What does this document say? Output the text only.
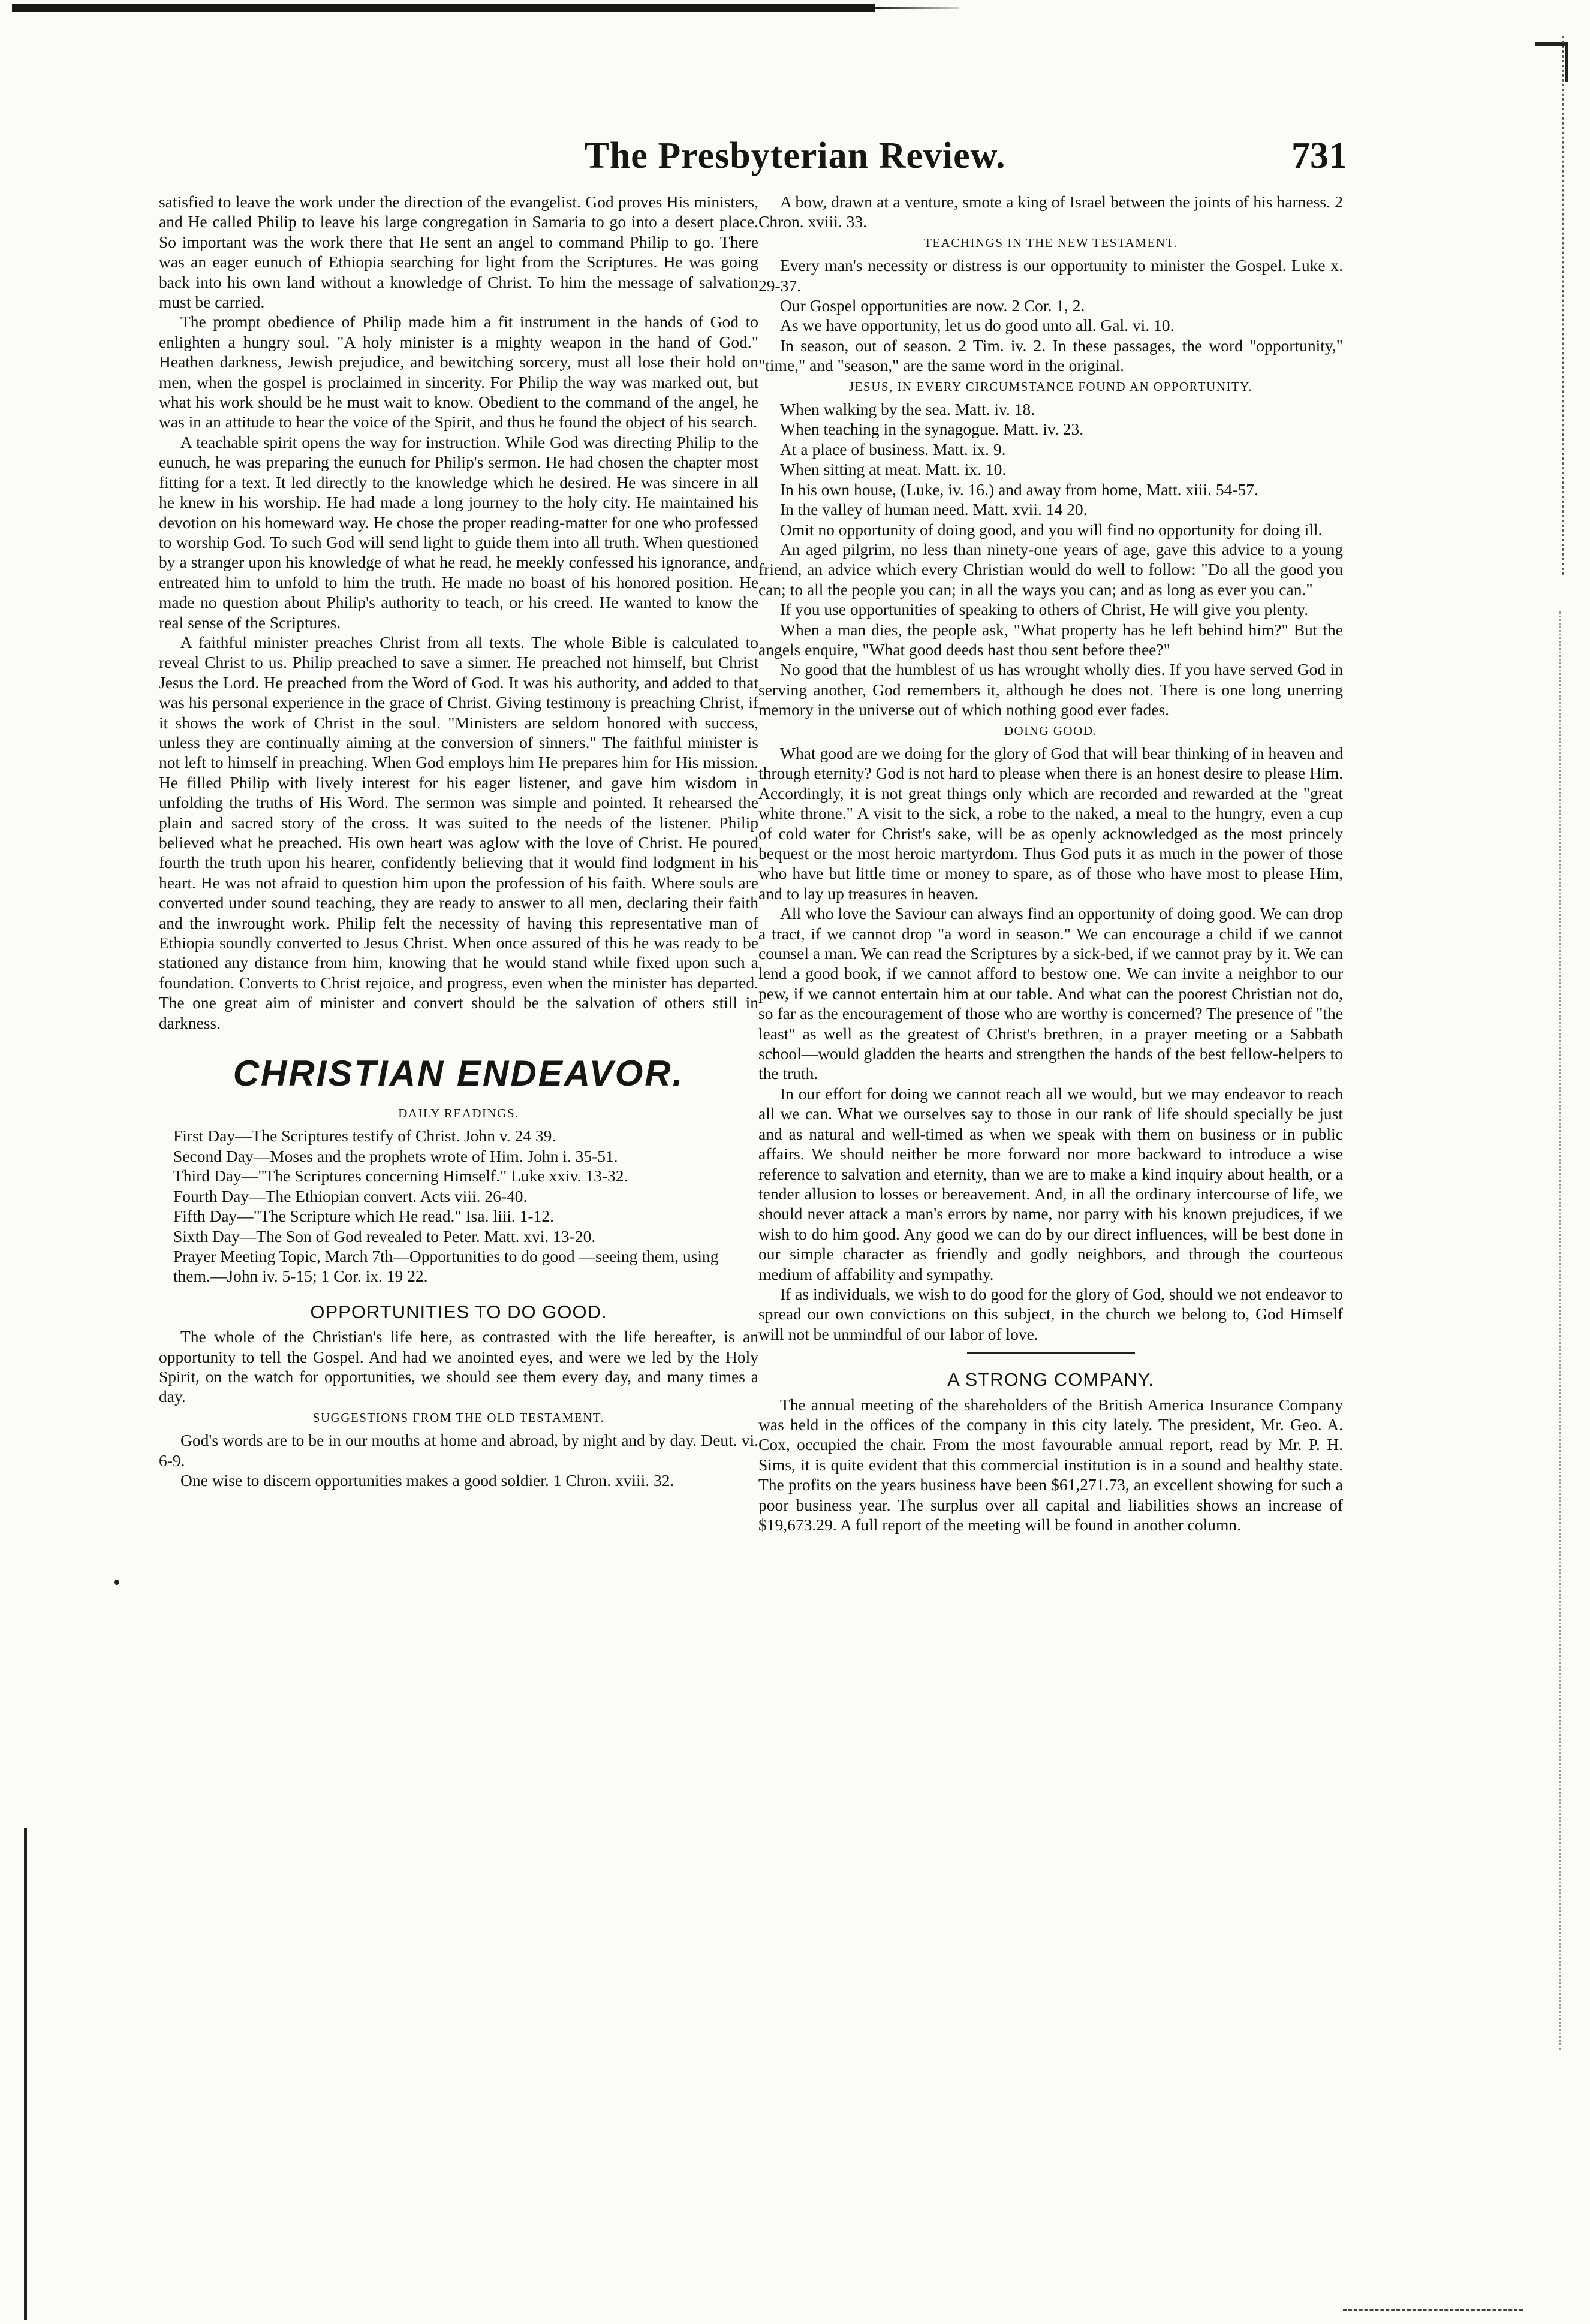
The Presbyterian Review.	731

satisfied to leave the work under the direction of the evangelist. God proves His ministers, and He called Philip to leave his large congregation in Samaria to go into a desert place. So important was the work there that He sent an angel to command Philip to go. There was an eager eunuch of Ethiopia searching for light from the Scriptures. He was going back into his own land without a knowledge of Christ. To him the message of salvation must be carried.

The prompt obedience of Philip made him a fit instrument in the hands of God to enlighten a hungry soul. "A holy minister is a mighty weapon in the hand of God." Heathen darkness, Jewish prejudice, and bewitching sorcery, must all lose their hold on men, when the gospel is proclaimed in sincerity. For Philip the way was marked out, but what his work should be he must wait to know. Obedient to the command of the angel, he was in an attitude to hear the voice of the Spirit, and thus he found the object of his search.

A teachable spirit opens the way for instruction. While God was directing Philip to the eunuch, he was preparing the eunuch for Philip's sermon. He had chosen the chapter most fitting for a text. It led directly to the knowledge which he desired. He was sincere in all he knew in his worship. He had made a long journey to the holy city. He maintained his devotion on his homeward way. He chose the proper reading-matter for one who professed to worship God. To such God will send light to guide them into all truth. When questioned by a stranger upon his knowledge of what he read, he meekly confessed his ignorance, and entreated him to unfold to him the truth. He made no boast of his honored position. He made no question about Philip's authority to teach, or his creed. He wanted to know the real sense of the Scriptures.

A faithful minister preaches Christ from all texts. The whole Bible is calculated to reveal Christ to us. Philip preached to save a sinner. He preached not himself, but Christ Jesus the Lord. He preached from the Word of God. It was his authority, and added to that was his personal experience in the grace of Christ. Giving testimony is preaching Christ, if it shows the work of Christ in the soul. "Ministers are seldom honored with success, unless they are continually aiming at the conversion of sinners." The faithful minister is not left to himself in preaching. When God employs him He prepares him for His mission. He filled Philip with lively interest for his eager listener, and gave him wisdom in unfolding the truths of His Word. The sermon was simple and pointed. It rehearsed the plain and sacred story of the cross. It was suited to the needs of the listener. Philip believed what he preached. His own heart was aglow with the love of Christ. He poured fourth the truth upon his hearer, confidently believing that it would find lodgment in his heart. He was not afraid to question him upon the profession of his faith. Where souls are converted under sound teaching, they are ready to answer to all men, declaring their faith and the inwrought work. Philip felt the necessity of having this representative man of Ethiopia soundly converted to Jesus Christ. When once assured of this he was ready to be stationed any distance from him, knowing that he would stand while fixed upon such a foundation. Converts to Christ rejoice, and progress, even when the minister has departed. The one great aim of minister and convert should be the salvation of others still in darkness.

CHRISTIAN ENDEAVOR.
DAILY READINGS.

First Day—The Scriptures testify of Christ. John v. 24 39.

Second Day—Moses and the prophets wrote of Him. John i. 35-51.

Third Day—"The Scriptures concerning Himself." Luke xxiv. 13-32.

Fourth Day—The Ethiopian convert. Acts viii. 26-40.

Fifth Day—"The Scripture which He read." Isa. liii. 1-12.

Sixth Day—The Son of God revealed to Peter. Matt. xvi. 13-20.

Prayer Meeting Topic, March 7th—Opportunities to do good —seeing them, using them.—John iv. 5-15; 1 Cor. ix. 19 22.

OPPORTUNITIES TO DO GOOD.

The whole of the Christian's life here, as contrasted with the life hereafter, is an opportunity to tell the Gospel. And had we anointed eyes, and were we led by the Holy Spirit, on the watch for opportunities, we should see them every day, and many times a day.

SUGGESTIONS FROM THE OLD TESTAMENT.

God's words are to be in our mouths at home and abroad, by night and by day. Deut. vi. 6-9.

One wise to discern opportunities makes a good soldier. 1 Chron. xviii. 32.

A bow, drawn at a venture, smote a king of Israel between the joints of his harness. 2 Chron. xviii. 33.

TEACHINGS IN THE NEW TESTAMENT.

Every man's necessity or distress is our opportunity to minister the Gospel. Luke x. 29-37.

Our Gospel opportunities are now. 2 Cor. 1, 2.

As we have opportunity, let us do good unto all. Gal. vi. 10.

In season, out of season. 2 Tim. iv. 2. In these passages, the word "opportunity," "time," and "season," are the same word in the original.

JESUS, IN EVERY CIRCUMSTANCE FOUND AN OPPORTUNITY.

When walking by the sea. Matt. iv. 18.

When teaching in the synagogue. Matt. iv. 23.

At a place of business. Matt. ix. 9.

When sitting at meat. Matt. ix. 10.

In his own house, (Luke, iv. 16.) and away from home, Matt. xiii. 54-57.

In the valley of human need. Matt. xvii. 14 20.

Omit no opportunity of doing good, and you will find no opportunity for doing ill.

An aged pilgrim, no less than ninety-one years of age, gave this advice to a young friend, an advice which every Christian would do well to follow: "Do all the good you can; to all the people you can; in all the ways you can; and as long as ever you can."

If you use opportunities of speaking to others of Christ, He will give you plenty.

When a man dies, the people ask, "What property has he left behind him?" But the angels enquire, "What good deeds hast thou sent before thee?"

No good that the humblest of us has wrought wholly dies. If you have served God in serving another, God remembers it, although he does not. There is one long unerring memory in the universe out of which nothing good ever fades.

DOING GOOD.

What good are we doing for the glory of God that will bear thinking of in heaven and through eternity? God is not hard to please when there is an honest desire to please Him. Accordingly, it is not great things only which are recorded and rewarded at the "great white throne." A visit to the sick, a robe to the naked, a meal to the hungry, even a cup of cold water for Christ's sake, will be as openly acknowledged as the most princely bequest or the most heroic martyrdom. Thus God puts it as much in the power of those who have but little time or money to spare, as of those who have most to please Him, and to lay up treasures in heaven.

All who love the Saviour can always find an opportunity of doing good. We can drop a tract, if we cannot drop "a word in season." We can encourage a child if we cannot counsel a man. We can read the Scriptures by a sick-bed, if we cannot pray by it. We can lend a good book, if we cannot afford to bestow one. We can invite a neighbor to our pew, if we cannot entertain him at our table. And what can the poorest Christian not do, so far as the encouragement of those who are worthy is concerned? The presence of "the least" as well as the greatest of Christ's brethren, in a prayer meeting or a Sabbath school—would gladden the hearts and strengthen the hands of the best fellow-helpers to the truth.

In our effort for doing we cannot reach all we would, but we may endeavor to reach all we can. What we ourselves say to those in our rank of life should specially be just and as natural and well-timed as when we speak with them on business or in public affairs. We should neither be more forward nor more backward to introduce a wise reference to salvation and eternity, than we are to make a kind inquiry about health, or a tender allusion to losses or bereavement. And, in all the ordinary intercourse of life, we should never attack a man's errors by name, nor parry with his known prejudices, if we wish to do him good. Any good we can do by our direct influences, will be best done in our simple character as friendly and godly neighbors, and through the courteous medium of affability and sympathy.

If as individuals, we wish to do good for the glory of God, should we not endeavor to spread our own convictions on this subject, in the church we belong to, God Himself will not be unmindful of our labor of love.

A STRONG COMPANY.

The annual meeting of the shareholders of the British America Insurance Company was held in the offices of the company in this city lately. The president, Mr. Geo. A. Cox, occupied the chair. From the most favourable annual report, read by Mr. P. H. Sims, it is quite evident that this commercial institution is in a sound and healthy state. The profits on the years business have been $61,271.73, an excellent showing for such a poor business year. The surplus over all capital and liabilities shows an increase of $19,673.29. A full report of the meeting will be found in another column.
